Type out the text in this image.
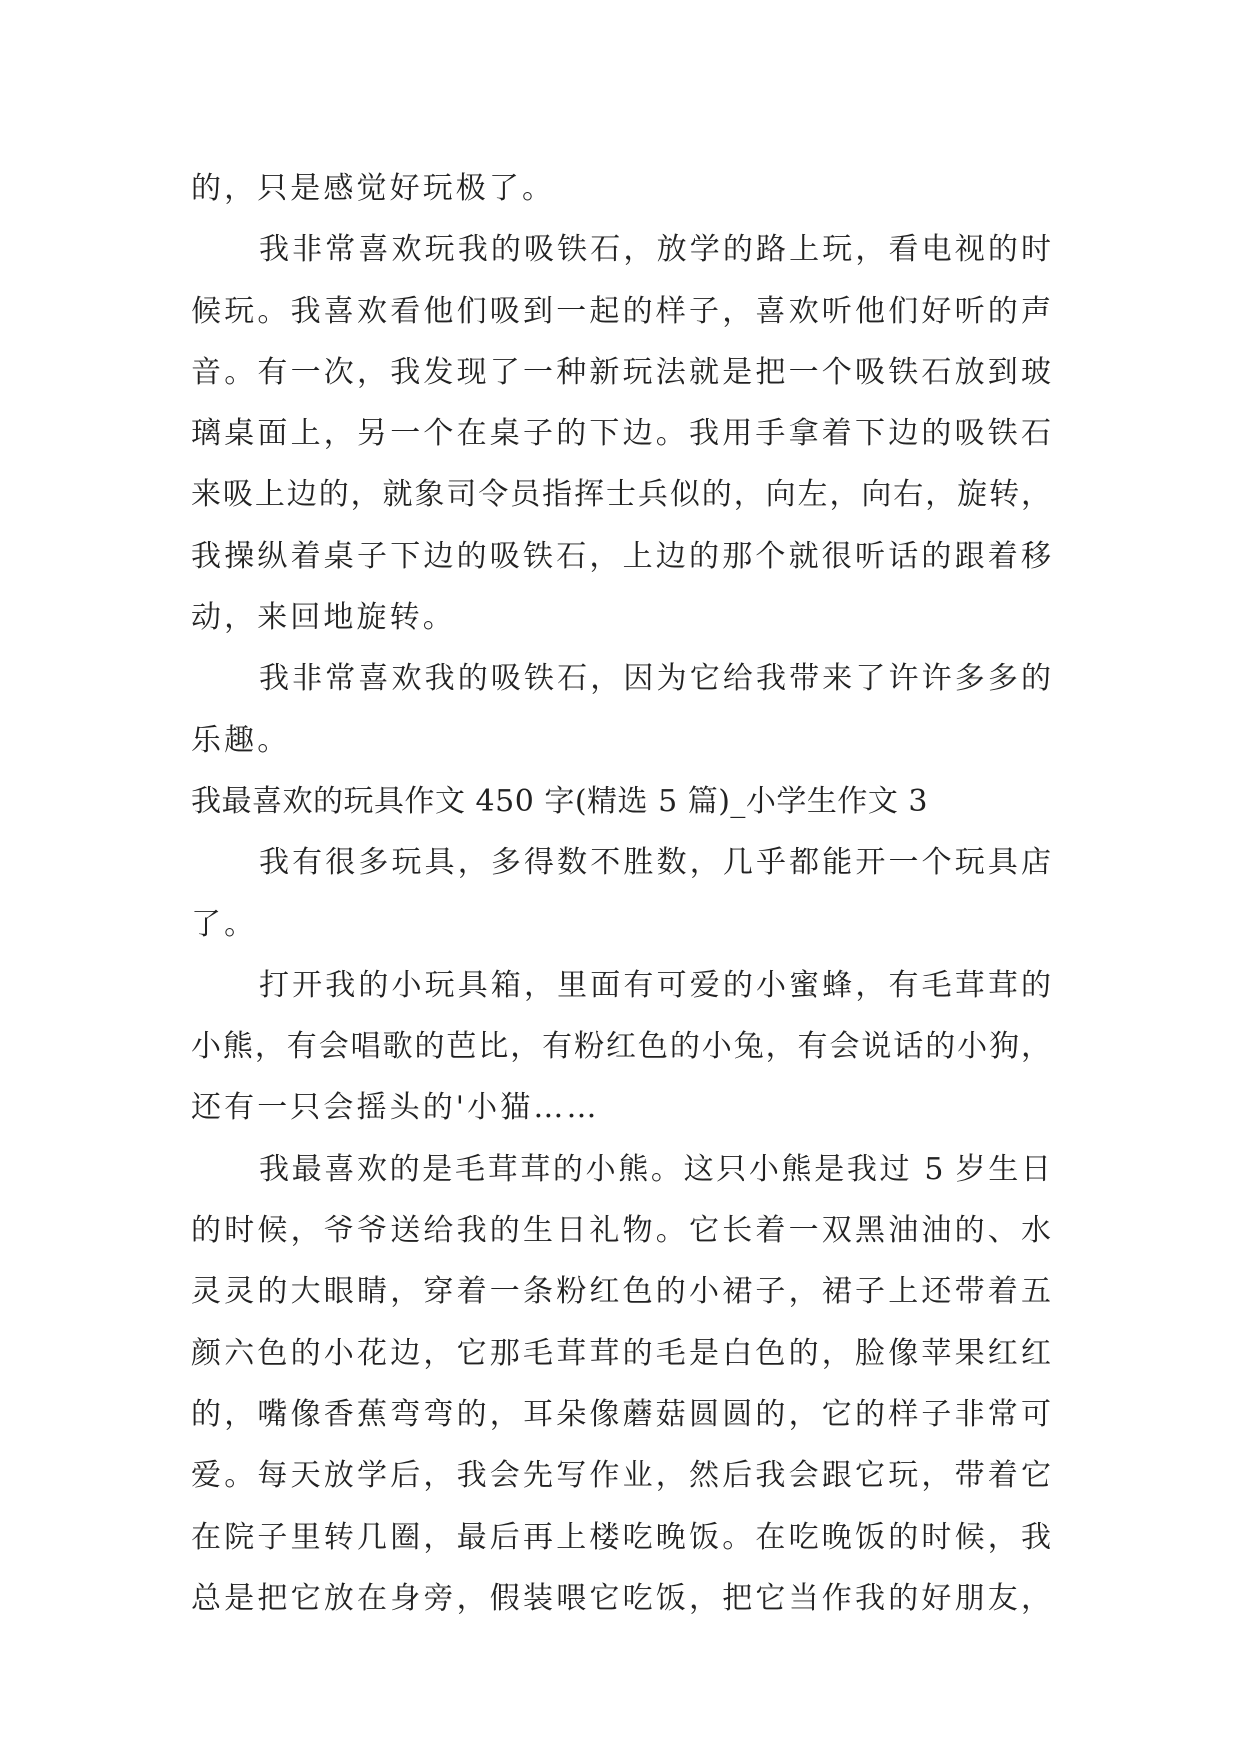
的，只是感觉好玩极了。
我非常喜欢玩我的吸铁石，放学的路上玩，看电视的时
候玩。我喜欢看他们吸到一起的样子，喜欢听他们好听的声
音。有一次，我发现了一种新玩法就是把一个吸铁石放到玻
璃桌面上，另一个在桌子的下边。我用手拿着下边的吸铁石
来吸上边的，就象司令员指挥士兵似的，向左，向右，旋转，
我操纵着桌子下边的吸铁石，上边的那个就很听话的跟着移
动，来回地旋转。
我非常喜欢我的吸铁石，因为它给我带来了许许多多的
乐趣。
我最喜欢的玩具作文 450 字(精选 5 篇)_小学生作文 3
我有很多玩具，多得数不胜数，几乎都能开一个玩具店
了。
打开我的小玩具箱，里面有可爱的小蜜蜂，有毛茸茸的
小熊，有会唱歌的芭比，有粉红色的小兔，有会说话的小狗，
还有一只会摇头的'小猫……
我最喜欢的是毛茸茸的小熊。这只小熊是我过 5 岁生日
的时候，爷爷送给我的生日礼物。它长着一双黑油油的、水
灵灵的大眼睛，穿着一条粉红色的小裙子，裙子上还带着五
颜六色的小花边，它那毛茸茸的毛是白色的，脸像苹果红红
的，嘴像香蕉弯弯的，耳朵像蘑菇圆圆的，它的样子非常可
爱。每天放学后，我会先写作业，然后我会跟它玩，带着它
在院子里转几圈，最后再上楼吃晚饭。在吃晚饭的时候，我
总是把它放在身旁，假装喂它吃饭，把它当作我的好朋友，
